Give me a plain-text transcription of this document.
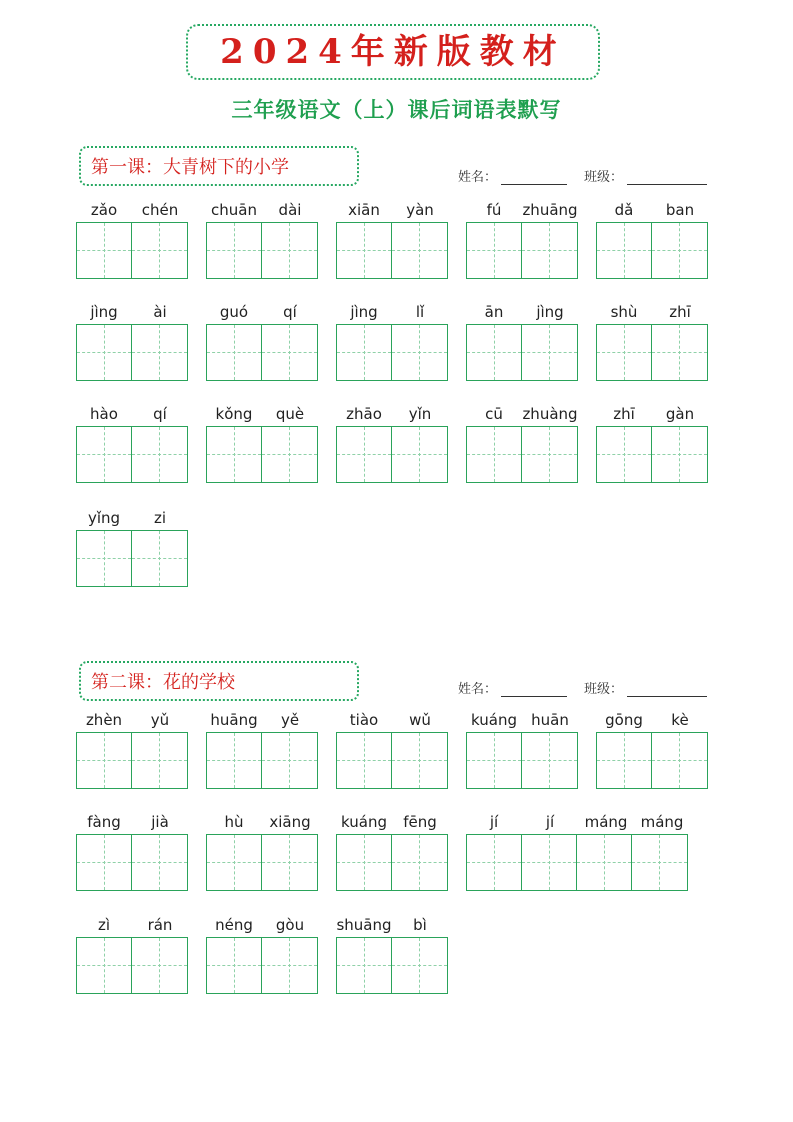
2024年新版教材
三年级语文（上）课后词语表默写
第一课：大青树下的小学	姓名：	班级：
第二课：花的学校	姓名：	班级：
zǎo	chén	chuān	dài	xiān	yàn	fú	zhuāng	dǎ	ban
jìng	ài	guó	qí	jìng	lǐ	ān	jìng	shù	zhī
hào	qí	kǒng	què	zhāo	yǐn	cū	zhuàng	zhī	gàn
yǐng	zi
zhèn	yǔ	huāng	yě	tiào	wǔ	kuáng huān	gōng	kè
fàng	jià	hù	xiāng	kuáng	fēng	jí	jí	máng máng
zì	rán	néng	gòu	shuāng	bì
